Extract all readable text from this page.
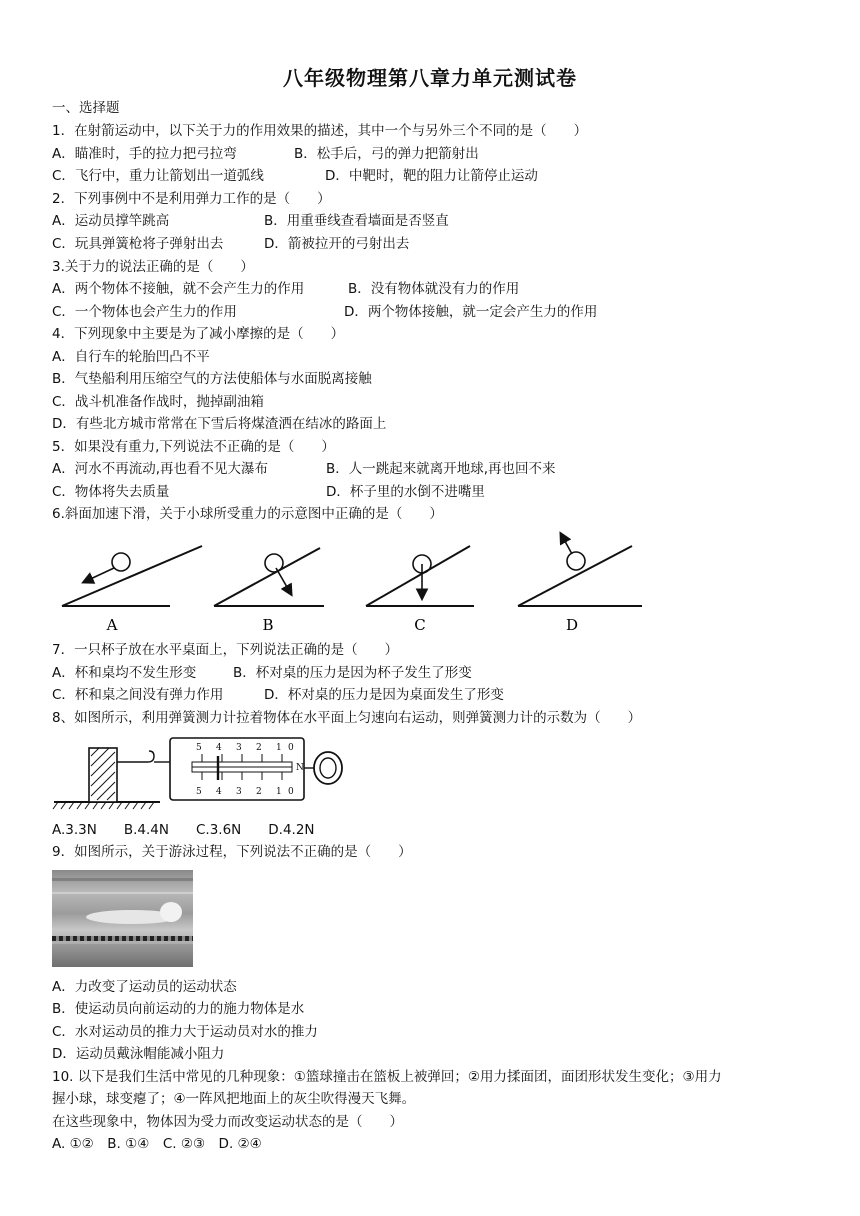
八年级物理第八章力单元测试卷
一、选择题
1．在射箭运动中，以下关于力的作用效果的描述，其中一个与另外三个不同的是（　　）
A．瞄准时，手的拉力把弓拉弯	B．松手后，弓的弹力把箭射出
C．飞行中，重力让箭划出一道弧线	D．中靶时，靶的阻力让箭停止运动
2．下列事例中不是利用弹力工作的是（　　）
A．运动员撑竿跳高	B．用重垂线查看墙面是否竖直
C．玩具弹簧枪将子弹射出去	D．箭被拉开的弓射出去
3.关于力的说法正确的是（　　）
A．两个物体不接触，就不会产生力的作用	B．没有物体就没有力的作用
C．一个物体也会产生力的作用	D．两个物体接触，就一定会产生力的作用
4．下列现象中主要是为了减小摩擦的是（　　）
A．自行车的轮胎凹凸不平
B．气垫船利用压缩空气的方法使船体与水面脱离接触
C．战斗机准备作战时，抛掉副油箱
D．有些北方城市常常在下雪后将煤渣洒在结冰的路面上
5．如果没有重力,下列说法不正确的是（　　）
A．河水不再流动,再也看不见大瀑布	B．人一跳起来就离开地球,再也回不来
C．物体将失去质量	D．杯子里的水倒不进嘴里
6.斜面加速下滑，关于小球所受重力的示意图中正确的是（　　）
A	B	C	D
7．一只杯子放在水平桌面上，下列说法正确的是（　　）
A．杯和桌均不发生形变	B．杯对桌的压力是因为杯子发生了形变
C．杯和桌之间没有弹力作用	D．杯对桌的压力是因为桌面发生了形变
8、如图所示，利用弹簧测力计拉着物体在水平面上匀速向右运动，则弹簧测力计的示数为（　　）
5 4 3 2 1 0
5 4 3 2 1 0
N
A.3.3N　　B.4.4N　　C.3.6N　　D.4.2N
9．如图所示，关于游泳过程，下列说法不正确的是（　　）
A．力改变了运动员的运动状态
B．使运动员向前运动的力的施力物体是水
C．水对运动员的推力大于运动员对水的推力
D．运动员戴泳帽能减小阻力
10. 以下是我们生活中常见的几种现象：①篮球撞击在篮板上被弹回；②用力揉面团，面团形状发生变化；③用力
握小球，球变瘪了；④一阵风把地面上的灰尘吹得漫天飞舞。
在这些现象中，物体因为受力而改变运动状态的是（　　）
A. ①②　B. ①④　C. ②③　D. ②④
